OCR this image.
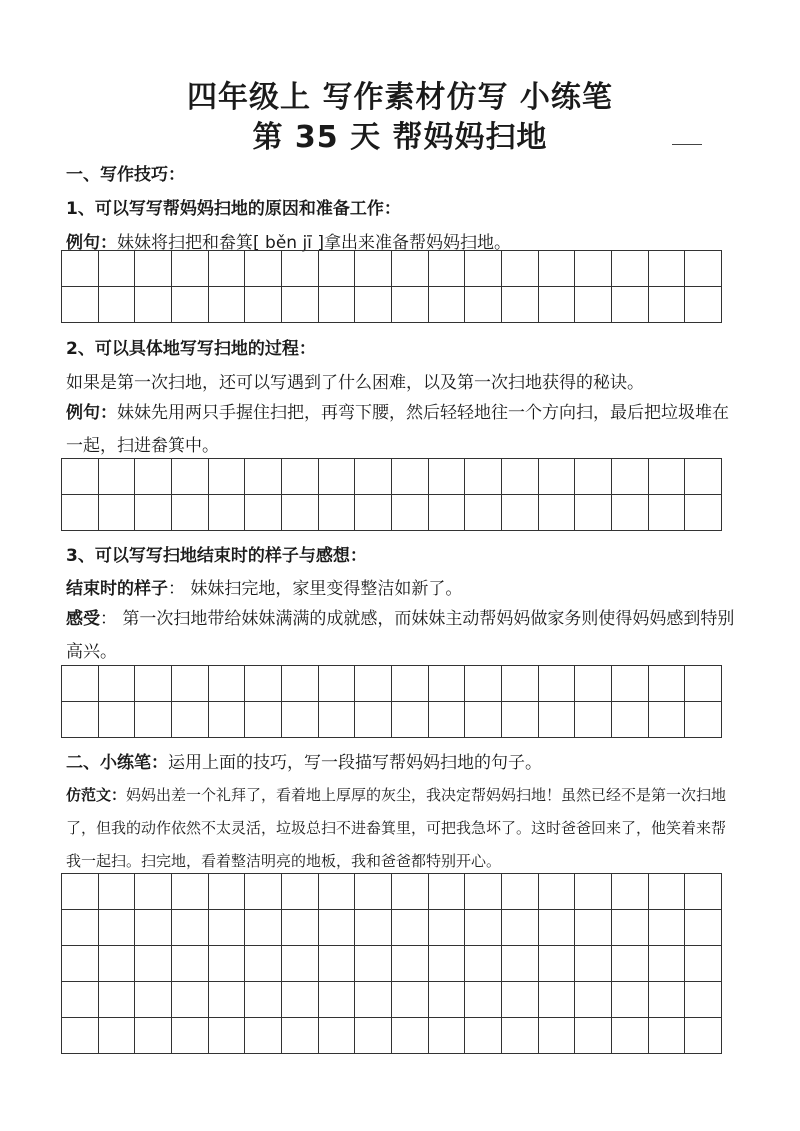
四年级上 写作素材仿写 小练笔
第 35 天 帮妈妈扫地
一、写作技巧：
1、可以写写帮妈妈扫地的原因和准备工作：
例句：妹妹将扫把和畚箕[ běn jī ]拿出来准备帮妈妈扫地。
2、可以具体地写写扫地的过程：
如果是第一次扫地，还可以写遇到了什么困难，以及第一次扫地获得的秘诀。
例句：妹妹先用两只手握住扫把，再弯下腰，然后轻轻地往一个方向扫，最后把垃圾堆在一起，扫进畚箕中。
3、可以写写扫地结束时的样子与感想：
结束时的样子： 妹妹扫完地，家里变得整洁如新了。
感受： 第一次扫地带给妹妹满满的成就感，而妹妹主动帮妈妈做家务则使得妈妈感到特别高兴。
二、小练笔：运用上面的技巧，写一段描写帮妈妈扫地的句子。
仿范文：妈妈出差一个礼拜了，看着地上厚厚的灰尘，我决定帮妈妈扫地！虽然已经不是第一次扫地了，但我的动作依然不太灵活，垃圾总扫不进畚箕里，可把我急坏了。这时爸爸回来了，他笑着来帮我一起扫。扫完地，看着整洁明亮的地板，我和爸爸都特别开心。
